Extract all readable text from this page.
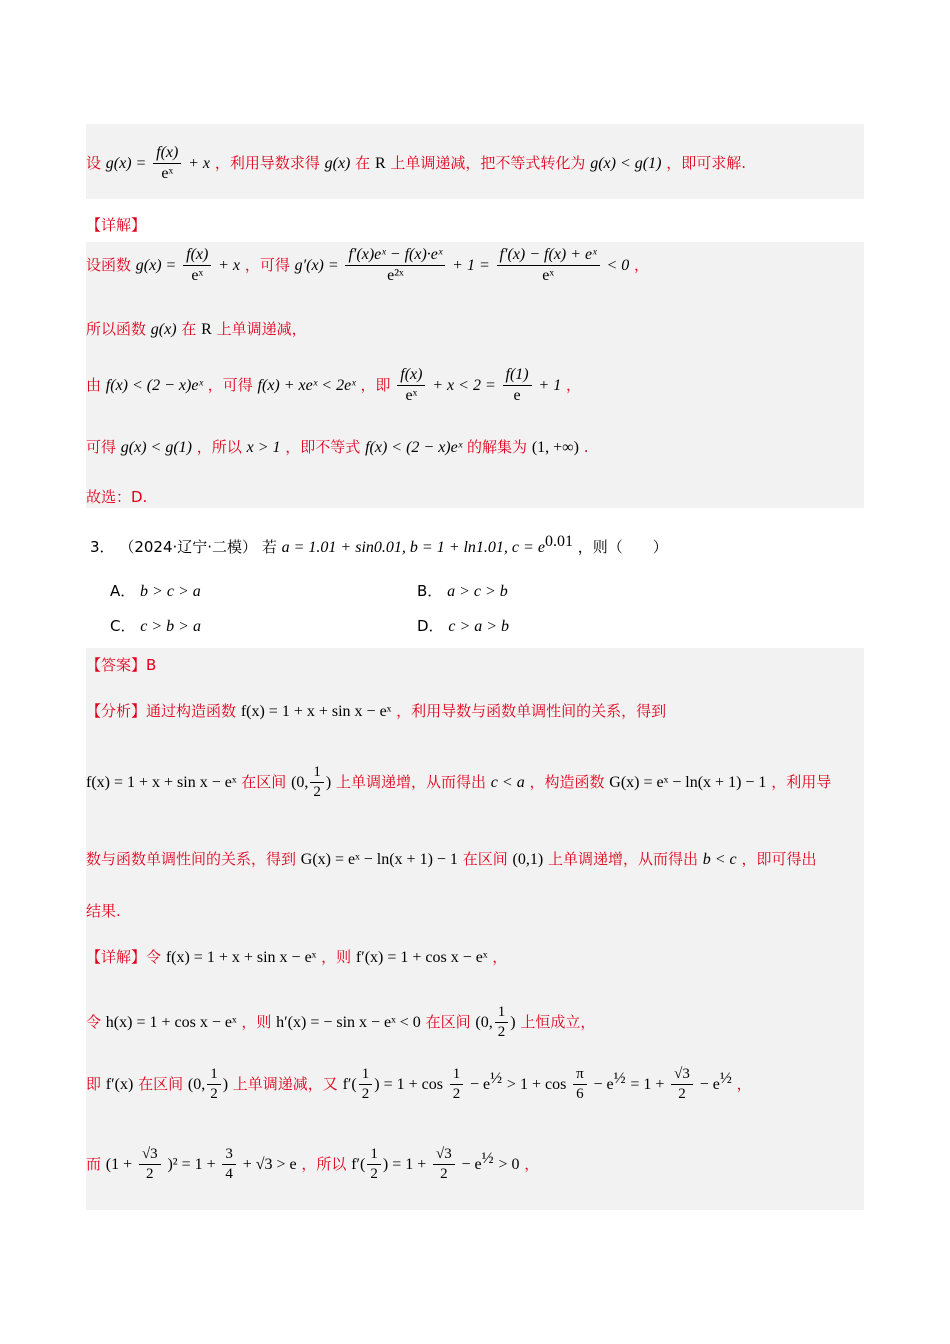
设 $g(x) = \frac{f(x)}{\text{eˣ}} + x$ ，利用导数求得 g(x) 在 R 上单调递减，把不等式转化为 g(x) < g(1) ，即可求解.
【详解】
设函数 $g(x) = \frac{f(x)}{\text{eˣ}} + x$ ，可得 $g'(x) = \frac{\text{f′(x)eˣ − f(x)·eˣ}}{\text{e²ˣ}} + 1 = \frac{\text{f′(x) − f(x) + eˣ}}{\text{eˣ}} < 0$ ，
所以函数 g(x) 在 R 上单调递减，
由 f(x) < (2 − x)eˣ ，可得 f(x) + xeˣ < 2eˣ ，即 $\frac{f(x)}{\text{eˣ}} + x < 2 = \frac{f(1)}{e} + 1$ ，
可得 g(x) < g(1) ，所以 x > 1 ，即不等式 f(x) < (2 − x)eˣ 的解集为 (1, +∞) .
故选：D.
3． （2024·辽宁·二模） 若 a = 1.01 + sin0.01, b = 1 + ln1.01, $c = e^{0.01}$ ，则（　　）
A． b > c > a	B． a > c > b
C． c > b > a	D． c > a > b
【答案】B
【分析】通过构造函数 f(x) = 1 + x + sin x − eˣ ，利用导数与函数单调性间的关系，得到
f(x) = 1 + x + sin x − eˣ 在区间 (0, $\frac{1}{2}$ ) 上单调递增，从而得出 c < a ，构造函数 G(x) = eˣ − ln(x + 1) − 1 ，利用导
数与函数单调性间的关系，得到 G(x) = eˣ − ln(x + 1) − 1 在区间 (0,1) 上单调递增，从而得出 b < c ，即可得出
结果.
【详解】令 f(x) = 1 + x + sin x − eˣ ，则 f′(x) = 1 + cos x − eˣ ，
令 h(x) = 1 + cos x − eˣ ，则 h′(x) = − sin x − eˣ < 0 在区间 (0, $\frac{1}{2}$ ) 上恒成立，
即 f′(x) 在区间 (0, $\frac{1}{2}$ ) 上单调递减，又 $f'( \frac{1}{2}$ ) = $1 + \cos \frac{1}{2} - e^{\frac{1}{2}} > 1 + \cos \frac{\pi}{6} - e^{\frac{1}{2}} = 1 + \frac{√3}{2} - e^{\frac{1}{2}}$ ，
而 $(1 + \frac{√3}{2} )^2 = 1 + \frac{3}{4} + √3 > e$ ，所以 $f'( \frac{1}{2}$ ) = $1 + \frac{√3}{2} - e^{\frac{1}{2}} > 0$ ，
